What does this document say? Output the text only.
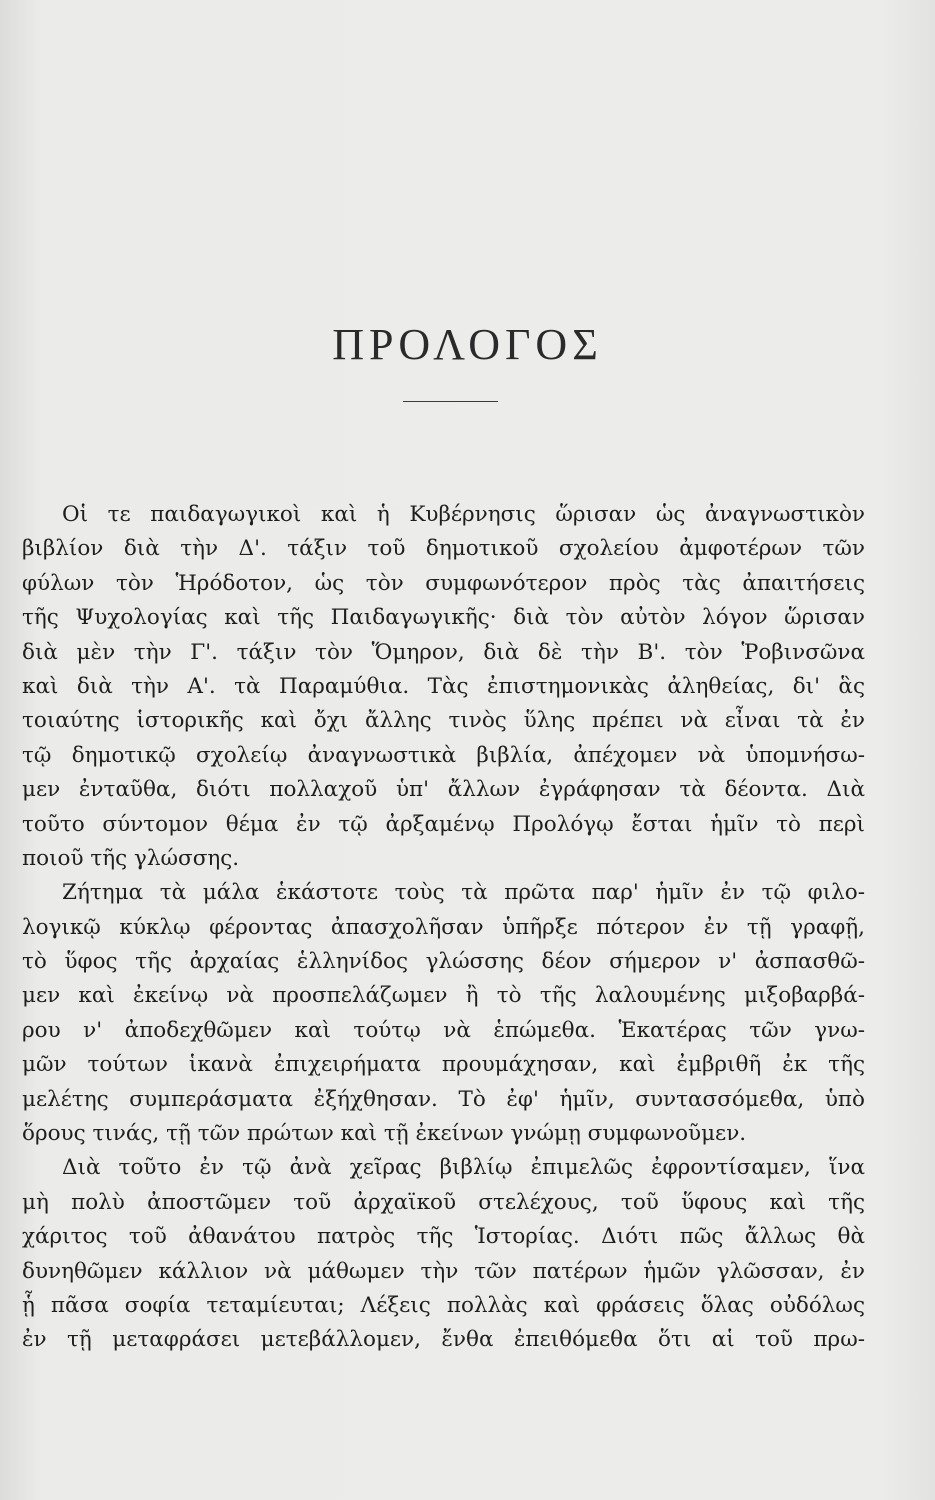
ΠΡΟΛΟΓΟΣ
Οἱ τε παιδαγωγικοὶ καὶ ἡ Κυβέρνησις ὥρισαν ὡς ἀναγνωστικὸν
βιβλίον διὰ τὴν Δ'. τάξιν τοῦ δημοτικοῦ σχολείου ἀμφοτέρων τῶν
φύλων τὸν Ἡρόδοτον, ὡς τὸν συμφωνότερον πρὸς τὰς ἀπαιτήσεις
τῆς Ψυχολογίας καὶ τῆς Παιδαγωγικῆς· διὰ τὸν αὐτὸν λόγον ὥρισαν
διὰ μὲν τὴν Γ'. τάξιν τὸν Ὅμηρον, διὰ δὲ τὴν Β'. τὸν Ῥοβινσῶνα
καὶ διὰ τὴν Α'. τὰ Παραμύθια. Τὰς ἐπιστημονικὰς ἀληθείας, δι' ἃς
τοιαύτης ἱστορικῆς καὶ ὄχι ἄλλης τινὸς ὕλης πρέπει νὰ εἶναι τὰ ἐν
τῷ δημοτικῷ σχολείῳ ἀναγνωστικὰ βιβλία, ἀπέχομεν νὰ ὑπομνήσω-
μεν ἐνταῦθα, διότι πολλαχοῦ ὑπ' ἄλλων ἐγράφησαν τὰ δέοντα. Διὰ
τοῦτο σύντομον θέμα ἐν τῷ ἀρξαμένῳ Προλόγῳ ἔσται ἡμῖν τὸ περὶ
ποιοῦ τῆς γλώσσης.
Ζήτημα τὰ μάλα ἑκάστοτε τοὺς τὰ πρῶτα παρ' ἡμῖν ἐν τῷ φιλο-
λογικῷ κύκλῳ φέροντας ἀπασχολῆσαν ὑπῆρξε πότερον ἐν τῇ γραφῇ,
τὸ ὕφος τῆς ἀρχαίας ἑλληνίδος γλώσσης δέον σήμερον ν' ἀσπασθῶ-
μεν καὶ ἐκείνῳ νὰ προσπελάζωμεν ἢ τὸ τῆς λαλουμένης μιξοβαρβά-
ρου ν' ἀποδεχθῶμεν καὶ τούτῳ νὰ ἑπώμεθα. Ἑκατέρας τῶν γνω-
μῶν τούτων ἱκανὰ ἐπιχειρήματα προυμάχησαν, καὶ ἐμβριθῆ ἐκ τῆς
μελέτης συμπεράσματα ἐξήχθησαν. Τὸ ἐφ' ἡμῖν, συντασσόμεθα, ὑπὸ
ὅρους τινάς, τῇ τῶν πρώτων καὶ τῇ ἐκείνων γνώμῃ συμφωνοῦμεν.
Διὰ τοῦτο ἐν τῷ ἀνὰ χεῖρας βιβλίῳ ἐπιμελῶς ἐφροντίσαμεν, ἵνα
μὴ πολὺ ἀποστῶμεν τοῦ ἀρχαϊκοῦ στελέχους, τοῦ ὕφους καὶ τῆς
χάριτος τοῦ ἀθανάτου πατρὸς τῆς Ἱστορίας. Διότι πῶς ἄλλως θὰ
δυνηθῶμεν κάλλιον νὰ μάθωμεν τὴν τῶν πατέρων ἡμῶν γλῶσσαν, ἐν
ᾗ πᾶσα σοφία τεταμίευται; Λέξεις πολλὰς καὶ φράσεις ὅλας οὐδόλως
ἐν τῇ μεταφράσει μετεβάλλομεν, ἔνθα ἐπειθόμεθα ὅτι αἱ τοῦ πρω-
